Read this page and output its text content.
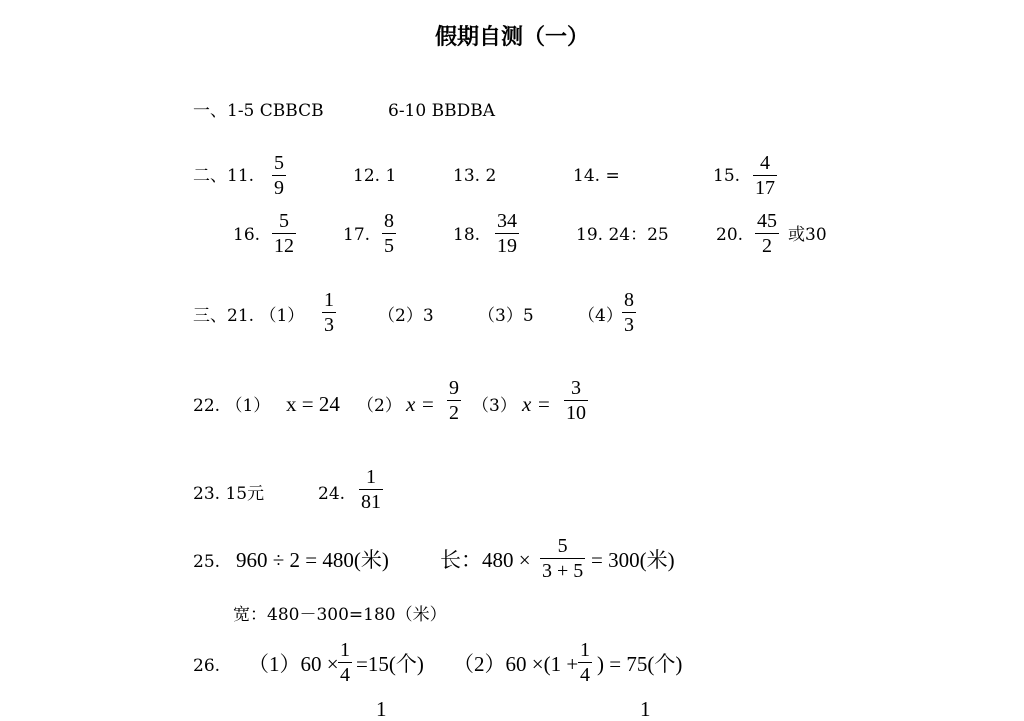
假期自测（一）
一、1-5 CBBCB	6-10 BBDBA
二、11.
5
9
12. 1	13. 2	14. =	15.
4
17
16.
5
12	17.
8
5	18.
34
19	19. 24：25	20.
45
2 或30
三、21. （1）
1
3	（2）3	（3）5	（4）
8
3
22. （1） x = 24 （2） x =
9
2 （3） x =
3
10
23. 15元	24.
1
81
25. 960 ÷ 2 = 480(米) 长：480 ×
5
3 + 5 = 300(米)
宽：480－300=180（米）
26. （1）60 ×
1
4 =15(个) （2）60 ×(1 +
1
4 ) = 75(个)
1	1
